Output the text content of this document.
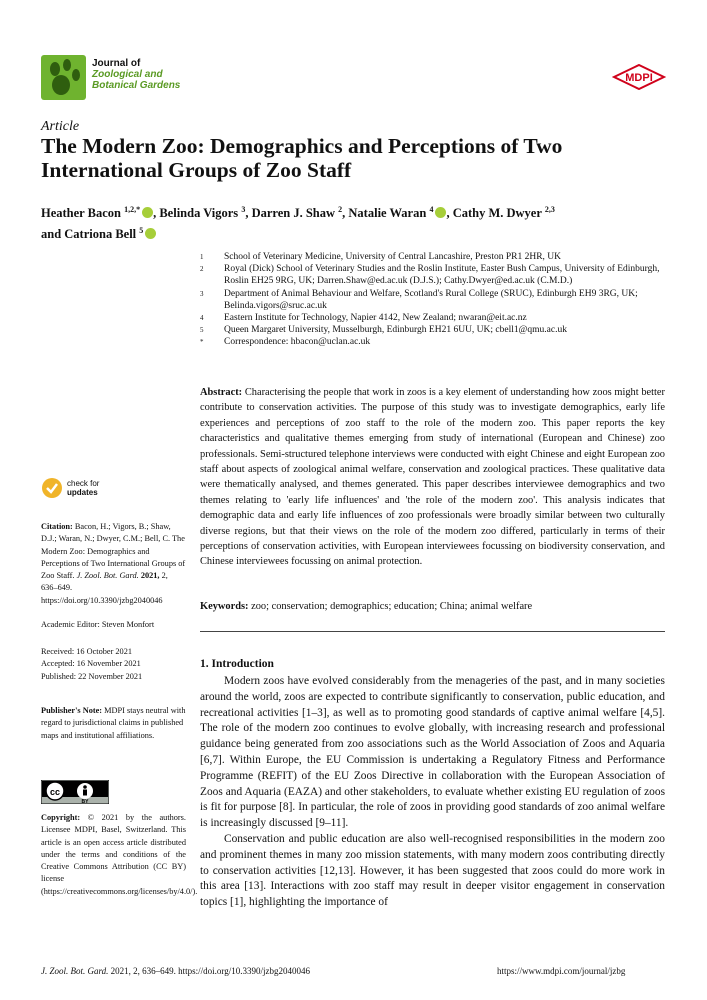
Journal of
Zoological and
Botanical Gardens
MDPI
Article
The Modern Zoo: Demographics and Perceptions of Two International Groups of Zoo Staff
Heather Bacon $^{1,2,*}$ , Belinda Vigors $^3$, Darren J. Shaw $^2$, Natalie Waran $^4$ , Cathy M. Dwyer $^{2,3}$
and Catriona Bell $^5$
1	School of Veterinary Medicine, University of Central Lancashire, Preston PR1 2HR, UK
2	Royal (Dick) School of Veterinary Studies and the Roslin Institute, Easter Bush Campus, University of Edinburgh, Roslin EH25 9RG, UK; Darren.Shaw@ed.ac.uk (D.J.S.); Cathy.Dwyer@ed.ac.uk (C.M.D.)
3	Department of Animal Behaviour and Welfare, Scotland's Rural College (SRUC), Edinburgh EH9 3RG, UK; Belinda.vigors@sruc.ac.uk
4	Eastern Institute for Technology, Napier 4142, New Zealand; nwaran@eit.ac.nz
5	Queen Margaret University, Musselburgh, Edinburgh EH21 6UU, UK; cbell1@qmu.ac.uk
*	Correspondence: hbacon@uclan.ac.uk
Abstract: Characterising the people that work in zoos is a key element of understanding how zoos might better contribute to conservation activities. The purpose of this study was to investigate demographics, early life experiences and perceptions of zoo staff to the role of the modern zoo. This paper reports the key characteristics and qualitative themes emerging from study of international (European and Chinese) zoo professionals. Semi-structured telephone interviews were conducted with eight Chinese and eight European zoo staff about aspects of zoological animal welfare, conservation and zoological practices. These qualitative data were thematically analysed, and themes generated. This paper describes interviewee demographics and two themes relating to 'early life influences' and 'the role of the modern zoo'. This analysis indicates that demographic data and early life influences of zoo professionals were broadly similar between two culturally diverse regions, but that their views on the role of the modern zoo differed, particularly in terms of their perceptions of conservation activities, with European interviewees focussing on biodiversity conservation, and Chinese interviewees focussing on animal protection.
Keywords: zoo; conservation; demographics; education; China; animal welfare
check for
updates
Citation: Bacon, H.; Vigors, B.; Shaw, D.J.; Waran, N.; Dwyer, C.M.; Bell, C. The Modern Zoo: Demographics and Perceptions of Two International Groups of Zoo Staff. J. Zool. Bot. Gard. 2021, 2, 636–649. https://doi.org/10.3390/jzbg2040046
Academic Editor: Steven Monfort
Received: 16 October 2021
Accepted: 16 November 2021
Published: 22 November 2021
Publisher's Note: MDPI stays neutral with regard to jurisdictional claims in published maps and institutional affiliations.
cc
BY
Copyright: © 2021 by the authors. Licensee MDPI, Basel, Switzerland. This article is an open access article distributed under the terms and conditions of the Creative Commons Attribution (CC BY) license (https://creativecommons.org/licenses/by/4.0/).
1. Introduction

Modern zoos have evolved considerably from the menageries of the past, and in many societies around the world, zoos are expected to contribute significantly to conservation, public education, and recreational activities [1–3], as well as to promoting good standards of captive animal welfare [4,5]. The role of the modern zoo continues to evolve globally, with increasing research and professional guidance being generated from zoo associations such as the World Association of Zoos and Aquaria [6,7]. Within Europe, the EU Commission is undertaking a Regulatory Fitness and Performance Programme (REFIT) of the EU Zoos Directive in collaboration with the European Association of Zoos and Aquaria (EAZA) and other stakeholders, to evaluate whether existing EU regulation of zoos is fit for purpose [8]. In particular, the role of zoos in providing good standards of zoo animal welfare is increasingly discussed [9–11].

Conservation and public education are also well-recognised responsibilities in the modern zoo and prominent themes in many zoo mission statements, with many modern zoos contributing directly to conservation activities [12,13]. However, it has been suggested that zoos could do more work in this area [13]. Interactions with zoo staff may result in deeper visitor engagement in conservation topics [1], highlighting the importance of

J. Zool. Bot. Gard. 2021, 2, 636–649. https://doi.org/10.3390/jzbg2040046	https://www.mdpi.com/journal/jzbg
